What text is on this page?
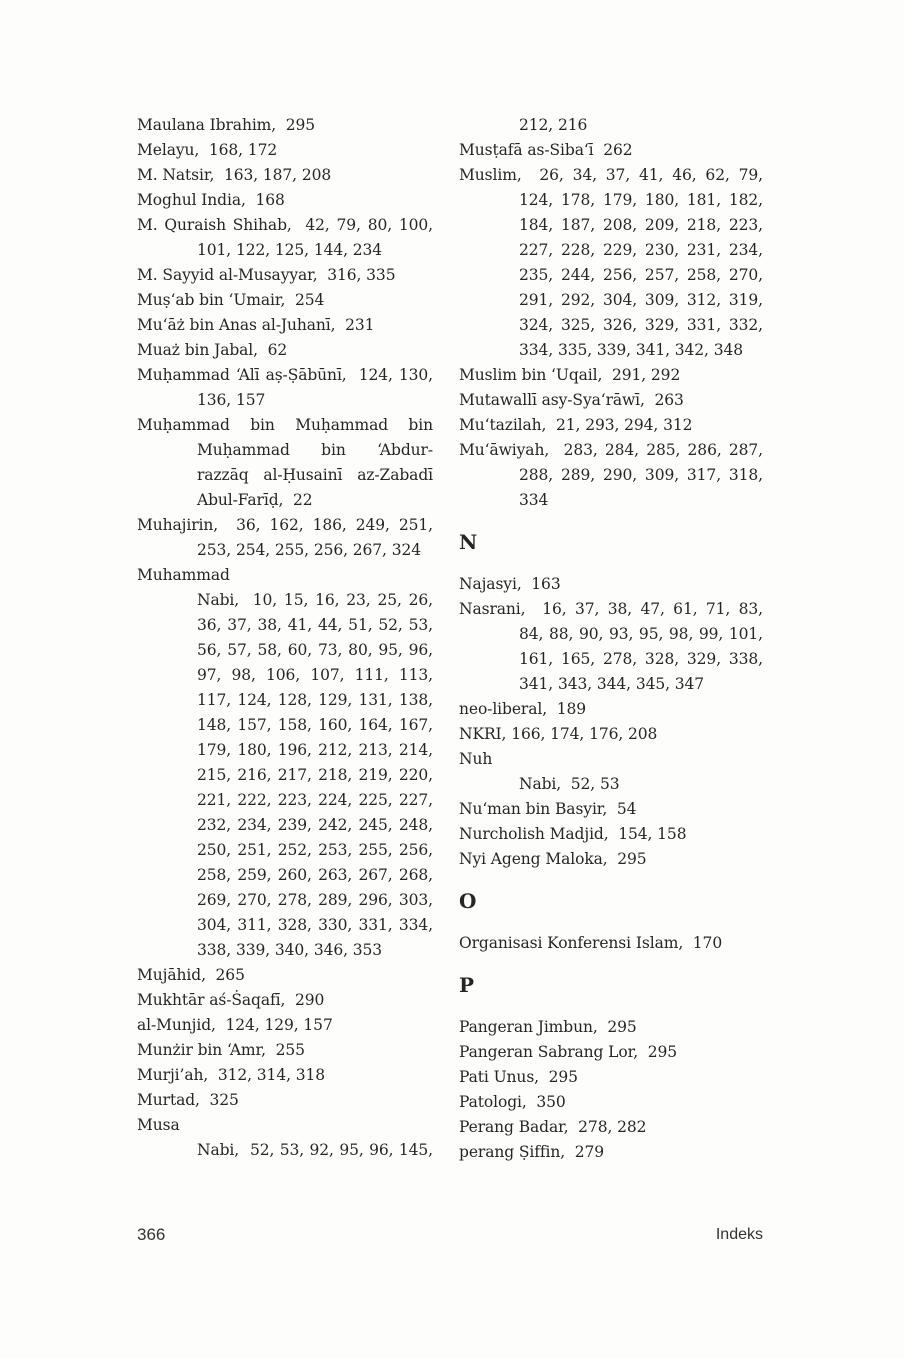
Maulana Ibrahim,  295
Melayu,  168, 172
M. Natsir,  163, 187, 208
Moghul India,  168
M. Quraish Shihab,  42, 79, 80, 100,
101, 122, 125, 144, 234
M. Sayyid al-Musayyar,  316, 335
Muṣ‘ab bin ‘Umair,  254
Mu‘āż bin Anas al-Juhanī,  231
Muaż bin Jabal,  62
Muḥammad ‘Alī aṣ-Ṣābūnī,  124, 130,
136, 157
Muḥammad bin Muḥammad bin
Muḥammad bin ‘Abdur-
razzāq al-Ḥusainī az-Zabadī
Abul-Farīḍ,  22
Muhajirin,  36, 162, 186, 249, 251,
253, 254, 255, 256, 267, 324
Muhammad
Nabi,  10, 15, 16, 23, 25, 26,
36, 37, 38, 41, 44, 51, 52, 53,
56, 57, 58, 60, 73, 80, 95, 96,
97, 98, 106, 107, 111, 113,
117, 124, 128, 129, 131, 138,
148, 157, 158, 160, 164, 167,
179, 180, 196, 212, 213, 214,
215, 216, 217, 218, 219, 220,
221, 222, 223, 224, 225, 227,
232, 234, 239, 242, 245, 248,
250, 251, 252, 253, 255, 256,
258, 259, 260, 263, 267, 268,
269, 270, 278, 289, 296, 303,
304, 311, 328, 330, 331, 334,
338, 339, 340, 346, 353
Mujāhid,  265
Mukhtār aś-Ṡaqafī,  290
al-Munjid,  124, 129, 157
Munżir bin ‘Amr,  255
Murji’ah,  312, 314, 318
Murtad,  325
Musa
Nabi,  52, 53, 92, 95, 96, 145,
212, 216
Musṭafā as-Siba‘ī  262
Muslim,  26, 34, 37, 41, 46, 62, 79,
124, 178, 179, 180, 181, 182,
184, 187, 208, 209, 218, 223,
227, 228, 229, 230, 231, 234,
235, 244, 256, 257, 258, 270,
291, 292, 304, 309, 312, 319,
324, 325, 326, 329, 331, 332,
334, 335, 339, 341, 342, 348
Muslim bin ‘Uqail,  291, 292
Mutawallī asy-Sya‘rāwī,  263
Mu‘tazilah,  21, 293, 294, 312
Mu‘āwiyah,  283, 284, 285, 286, 287,
288, 289, 290, 309, 317, 318,
334
N
Najasyi,  163
Nasrani,  16, 37, 38, 47, 61, 71, 83,
84, 88, 90, 93, 95, 98, 99, 101,
161, 165, 278, 328, 329, 338,
341, 343, 344, 345, 347
neo-liberal,  189
NKRI, 166, 174, 176, 208
Nuh
Nabi,  52, 53
Nu‘man bin Basyir,  54
Nurcholish Madjid,  154, 158
Nyi Ageng Maloka,  295
O
Organisasi Konferensi Islam,  170
P
Pangeran Jimbun,  295
Pangeran Sabrang Lor,  295
Pati Unus,  295
Patologi,  350
Perang Badar,  278, 282
perang Ṣiffin,  279
366	Indeks
